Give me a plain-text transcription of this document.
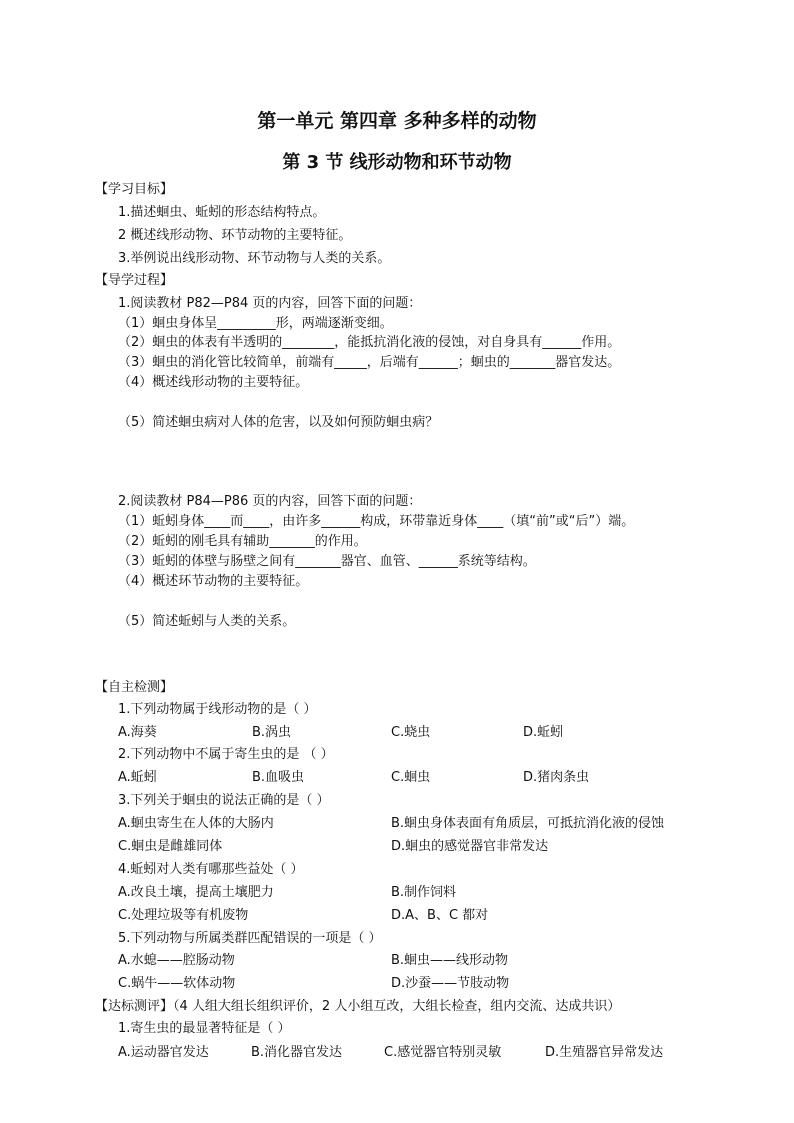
第一单元 第四章 多种多样的动物
第 3 节 线形动物和环节动物
【学习目标】
1.描述蛔虫、蚯蚓的形态结构特点。
2 概述线形动物、环节动物的主要特征。
3.举例说出线形动物、环节动物与人类的关系。
【导学过程】
1.阅读教材 P82—P84 页的内容，回答下面的问题：
（1）蛔虫身体呈_________形，两端逐渐变细。
（2）蛔虫的体表有半透明的________，能抵抗消化液的侵蚀，对自身具有______作用。
（3）蛔虫的消化管比较简单，前端有_____，后端有______；蛔虫的_______器官发达。
（4）概述线形动物的主要特征。
（5）简述蛔虫病对人体的危害，以及如何预防蛔虫病？
2.阅读教材 P84—P86 页的内容，回答下面的问题：
（1）蚯蚓身体____而____，由许多______构成，环带靠近身体____（填“前”或“后”）端。
（2）蚯蚓的刚毛具有辅助_______的作用。
（3）蚯蚓的体壁与肠壁之间有_______器官、血管、______系统等结构。
（4）概述环节动物的主要特征。
（5）简述蚯蚓与人类的关系。
【自主检测】
1.下列动物属于线形动物的是（ ）
A.海葵	B.涡虫	C.蛲虫	D.蚯蚓
2.下列动物中不属于寄生虫的是 （ ）
A.蚯蚓	B.血吸虫	C.蛔虫	D.猪肉条虫
3.下列关于蛔虫的说法正确的是（ ）
A.蛔虫寄生在人体的大肠内	B.蛔虫身体表面有角质层，可抵抗消化液的侵蚀
C.蛔虫是雌雄同体	D.蛔虫的感觉器官非常发达
4.蚯蚓对人类有哪那些益处（ ）
A.改良土壤，提高土壤肥力	B.制作饲料
C.处理垃圾等有机废物	D.A、B、C 都对
5.下列动物与所属类群匹配错误的一项是（ ）
A.水螅——腔肠动物	B.蛔虫——线形动物
C.蜗牛——软体动物	D.沙蚕——节肢动物
【达标测评】（4 人组大组长组织评价，2 人小组互改，大组长检查，组内交流、达成共识）
1.寄生虫的最显著特征是（ ）
A.运动器官发达	B.消化器官发达	C.感觉器官特别灵敏	D.生殖器官异常发达
